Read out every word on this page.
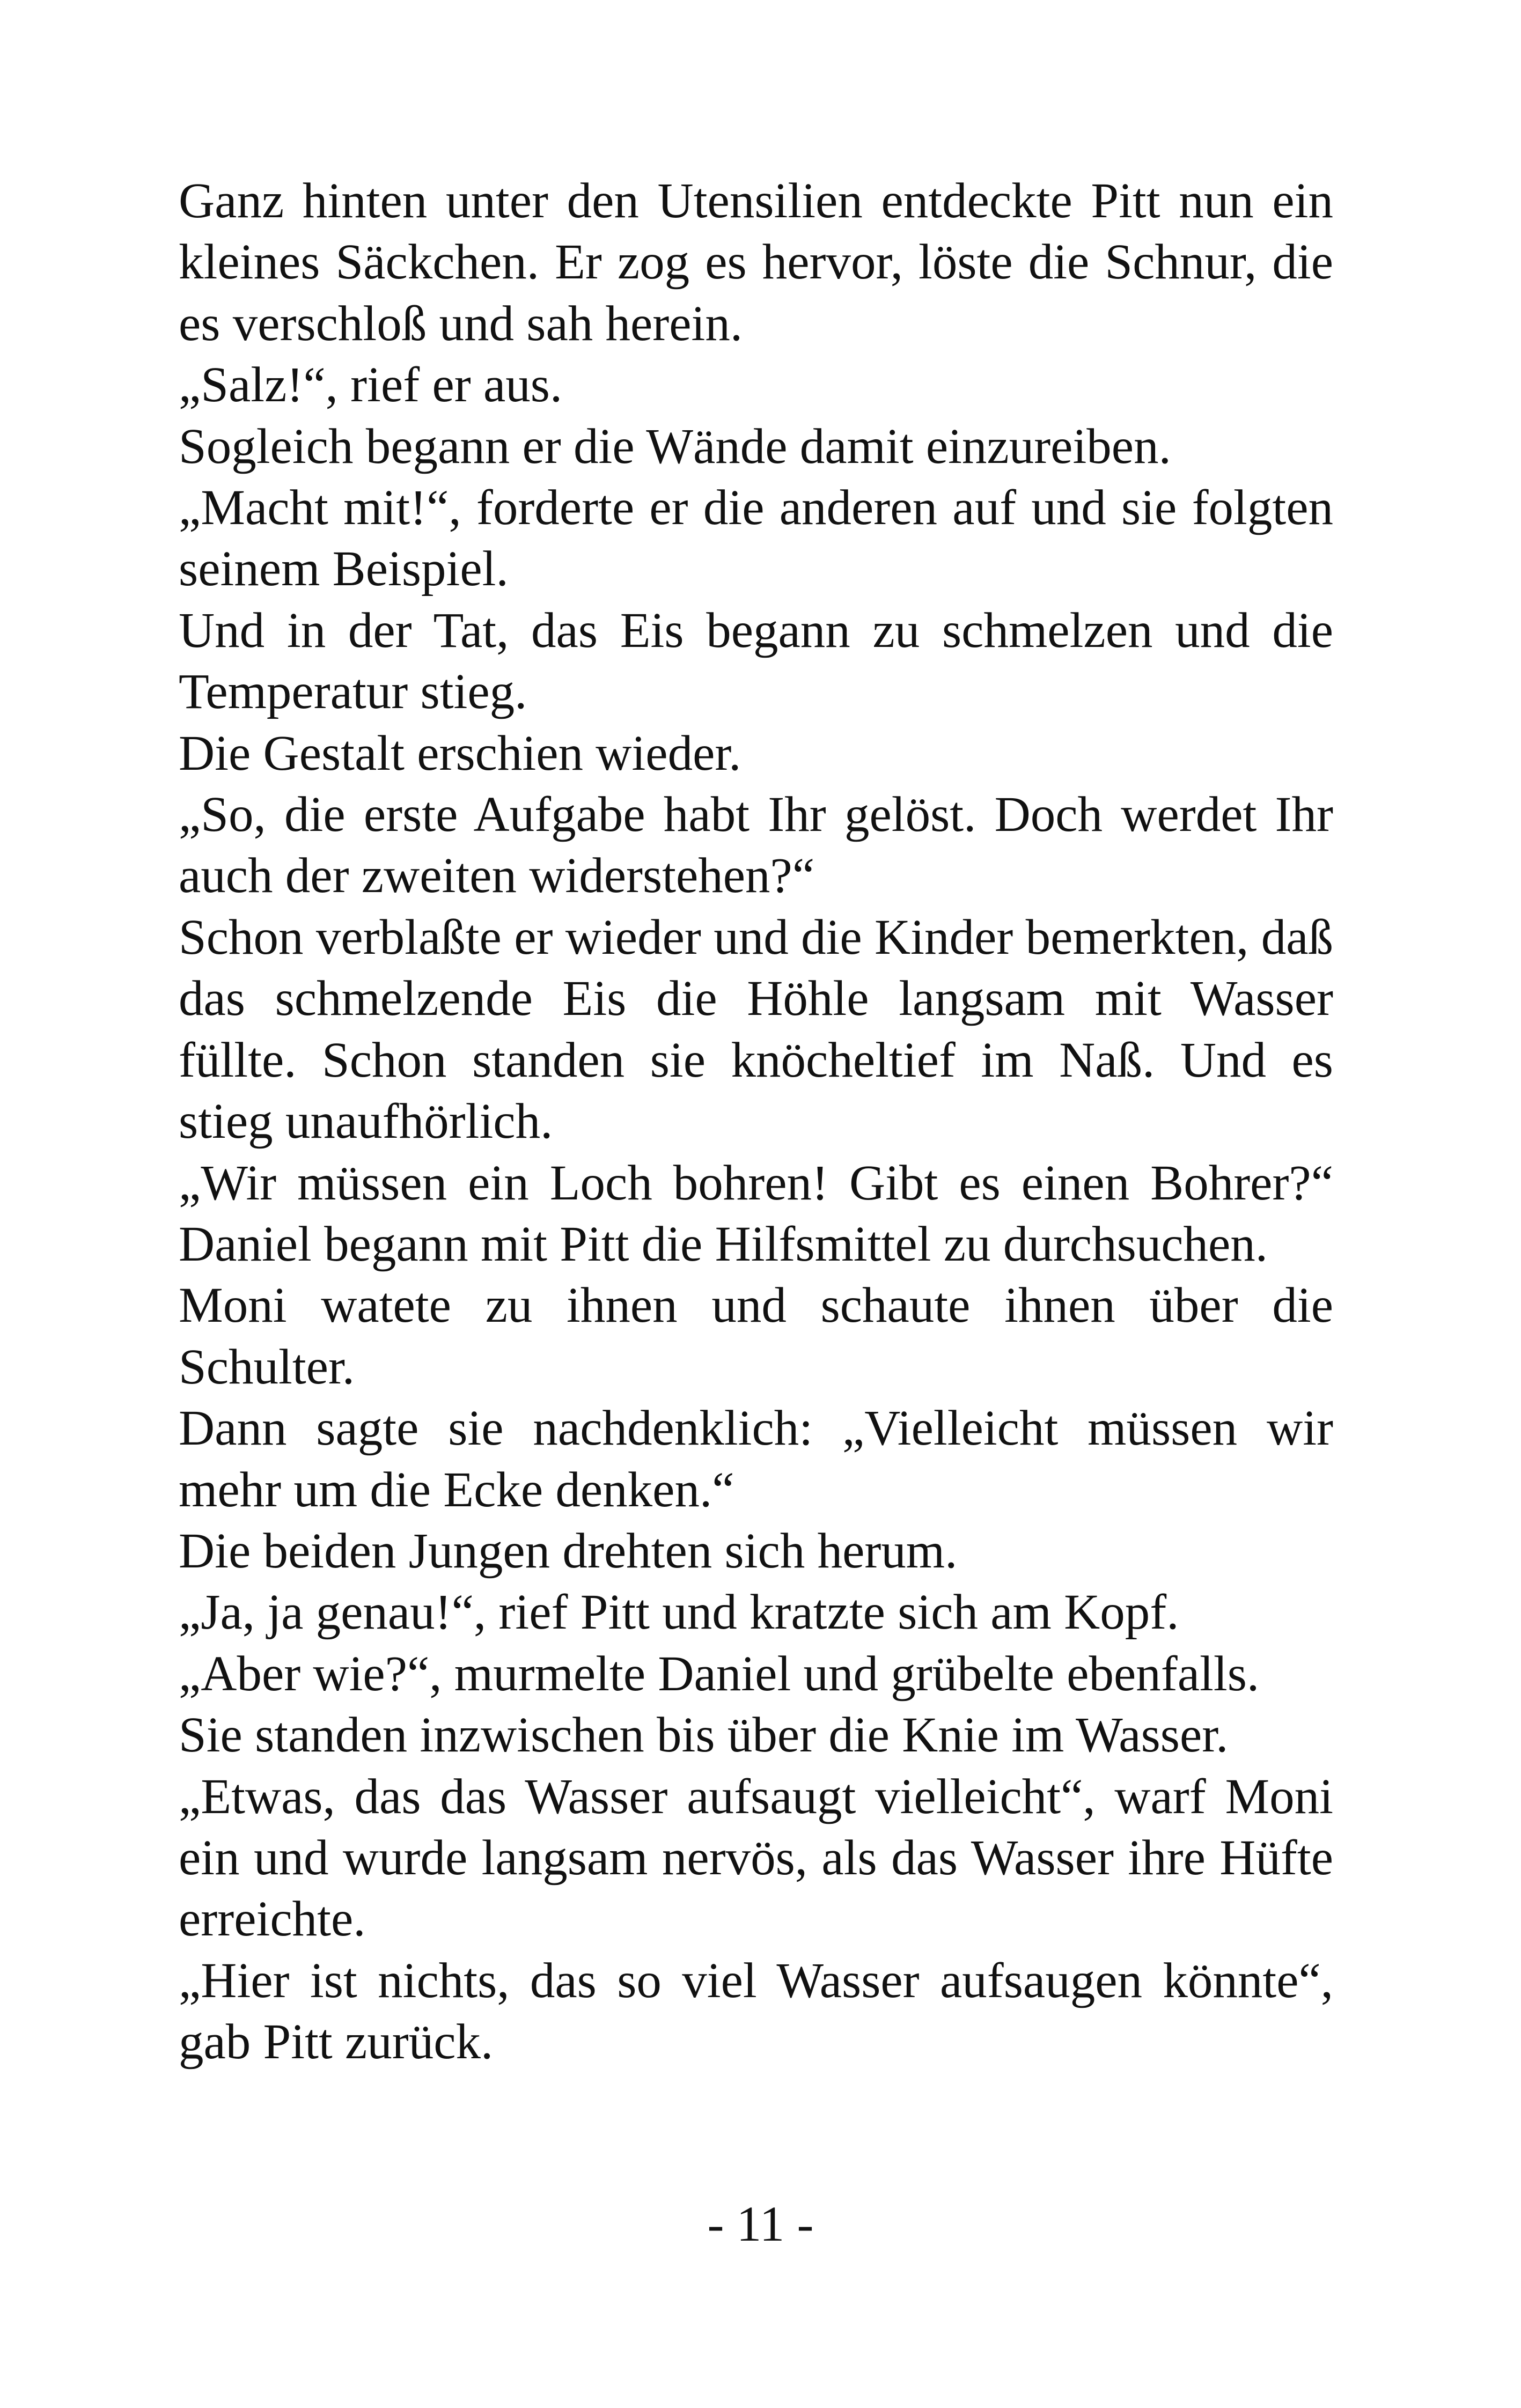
Ganz hinten unter den Utensilien entdeckte Pitt nun ein kleines Säckchen. Er zog es hervor, löste die Schnur, die es verschloß und sah herein.

„Salz!“, rief er aus.

Sogleich begann er die Wände damit einzureiben.

„Macht mit!“, forderte er die anderen auf und sie folgten seinem Beispiel.

Und in der Tat, das Eis begann zu schmelzen und die Temperatur stieg.

Die Gestalt erschien wieder.

„So, die erste Aufgabe habt Ihr gelöst. Doch werdet Ihr auch der zweiten widerstehen?“

Schon verblaßte er wieder und die Kinder bemerkten, daß das schmelzende Eis die Höhle langsam mit Wasser füllte. Schon standen sie knöcheltief im Naß. Und es stieg unaufhörlich.

„Wir müssen ein Loch bohren! Gibt es einen Bohrer?“ Daniel begann mit Pitt die Hilfsmittel zu durchsuchen.

Moni watete zu ihnen und schaute ihnen über die Schulter.

Dann sagte sie nachdenklich: „Vielleicht müssen wir mehr um die Ecke denken.“

Die beiden Jungen drehten sich herum.

„Ja, ja genau!“, rief Pitt und kratzte sich am Kopf.

„Aber wie?“, murmelte Daniel und grübelte ebenfalls.

Sie standen inzwischen bis über die Knie im Wasser.

„Etwas, das das Wasser aufsaugt vielleicht“, warf Moni ein und wurde langsam nervös, als das Wasser ihre Hüfte erreichte.

„Hier ist nichts, das so viel Wasser aufsaugen könnte“, gab Pitt zurück.

- 11 -
